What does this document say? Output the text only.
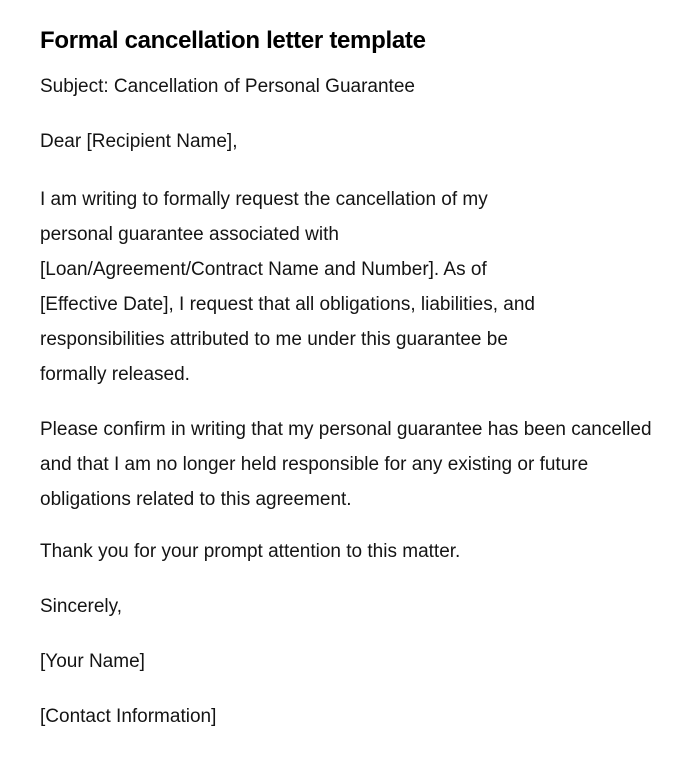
Formal cancellation letter template

Subject: Cancellation of Personal Guarantee

Dear [Recipient Name],

I am writing to formally request the cancellation of my personal guarantee associated with [Loan/Agreement/Contract Name and Number]. As of [Effective Date], I request that all obligations, liabilities, and responsibilities attributed to me under this guarantee be formally released.

Please confirm in writing that my personal guarantee has been cancelled and that I am no longer held responsible for any existing or future obligations related to this agreement.

Thank you for your prompt attention to this matter.

Sincerely,

[Your Name]

[Contact Information]
